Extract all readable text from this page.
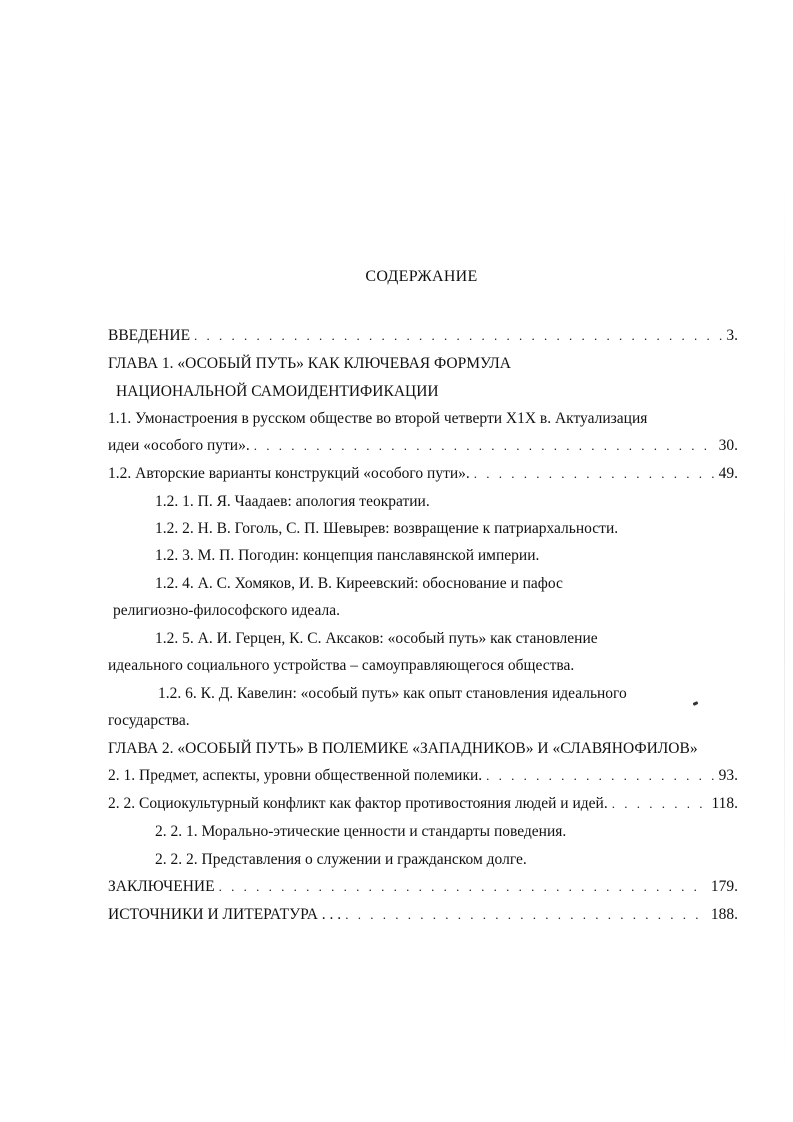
СОДЕРЖАНИЕ
ВВЕДЕНИЕ . . .	3.
ГЛАВА 1. «ОСОБЫЙ ПУТЬ» КАК КЛЮЧЕВАЯ ФОРМУЛА
НАЦИОНАЛЬНОЙ САМОИДЕНТИФИКАЦИИ
1.1. Умонастроения в русском обществе во второй четверти Х1Х в. Актуализация
идеи «особого пути». . . .	30.
1.2. Авторские варианты конструкций «особого пути». . . .	49.
1.2. 1. П. Я. Чаадаев: апология теократии.
1.2. 2. Н. В. Гоголь, С. П. Шевырев: возвращение к патриархальности.
1.2. 3. М. П. Погодин: концепция панславянской империи.
1.2. 4. А. С. Хомяков, И. В. Киреевский: обоснование и пафос
религиозно-философского идеала.
1.2. 5. А. И. Герцен, К. С. Аксаков: «особый путь» как становление
идеального социального устройства – самоуправляющегося общества.
1.2. 6. К. Д. Кавелин: «особый путь» как опыт становления идеального
государства.
ГЛАВА 2. «ОСОБЫЙ ПУТЬ» В ПОЛЕМИКЕ «ЗАПАДНИКОВ» И «СЛАВЯНОФИЛОВ»
2. 1. Предмет, аспекты, уровни общественной полемики. . . .	93.
2. 2. Социокультурный конфликт как фактор противостояния людей и идей. . . .	118.
2. 2. 1. Морально-этические ценности и стандарты поведения.
2. 2. 2. Представления о служении и гражданском долге.
ЗАКЛЮЧЕНИЕ . . .	179.
ИСТОЧНИКИ И ЛИТЕРАТУРА . . . . . .	188.
